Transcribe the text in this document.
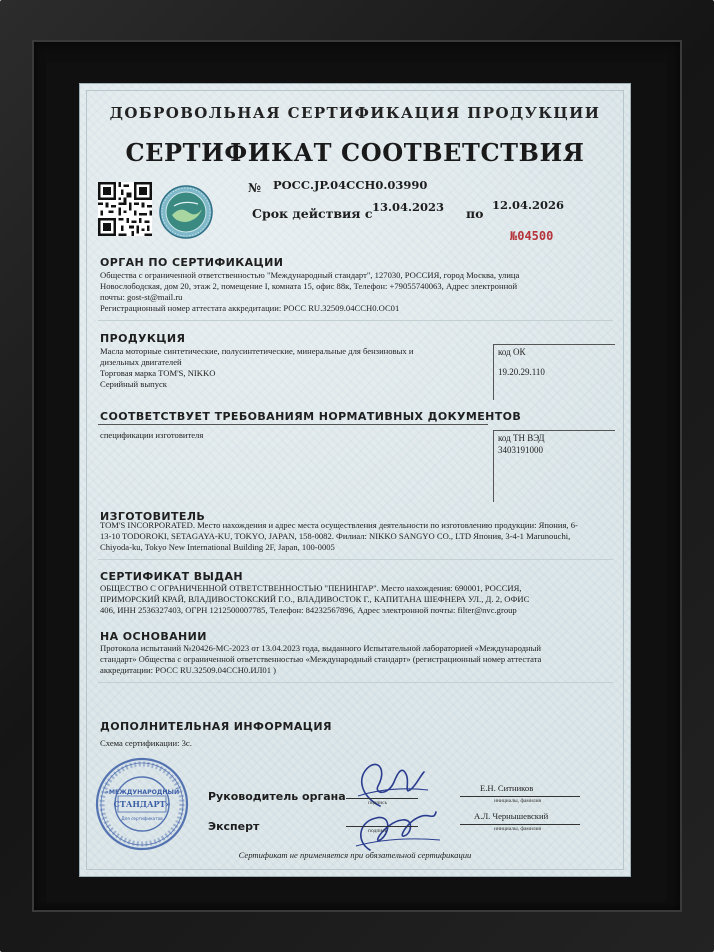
ДОБРОВОЛЬНАЯ СЕРТИФИКАЦИЯ ПРОДУКЦИИ
СЕРТИФИКАТ СООТВЕТСТВИЯ
№ РОСС.JP.04ССН0.03990
Срок действия с 13.04.2023 по
12.04.2026
№04500
ОРГАН ПО СЕРТИФИКАЦИИ
Общества с ограниченной ответственностью "Международный стандарт", 127030, РОССИЯ, город Москва, улица
Новослободская, дом 20, этаж 2, помещение I, комната 15, офис 88к, Телефон: +79055740063, Адрес электронной
почты: gost-st@mail.ru
Регистрационный номер аттестата аккредитации: РОСС RU.32509.04ССН0.ОС01
ПРОДУКЦИЯ
Масла моторные синтетические, полусинтетические, минеральные для бензиновых и
дизельных двигателей
Торговая марка TOM'S, NIKKO
Серийный выпуск
код ОК
19.20.29.110
СООТВЕТСТВУЕТ ТРЕБОВАНИЯМ НОРМАТИВНЫХ ДОКУМЕНТОВ
спецификации изготовителя	код ТН ВЭД
3403191000
ИЗГОТОВИТЕЛЬ
TOM'S INCORPORATED. Место нахождения и адрес места осуществления деятельности по изготовлению продукции: Япония, 6-
13-10 TODOROKI, SETAGAYA-KU, TOKYO, JAPAN, 158-0082. Филиал: NIKKO SANGYO CO., LTD Япония, 3-4-1 Marunouchi,
Chiyoda-ku, Tokyo New International Building 2F, Japan, 100-0005
СЕРТИФИКАТ ВЫДАН
ОБЩЕСТВО С ОГРАНИЧЕННОЙ ОТВЕТСТВЕННОСТЬЮ "ПЕНИНГАР". Место нахождения: 690001, РОССИЯ,
ПРИМОРСКИЙ КРАЙ, ВЛАДИВОСТОКСКИЙ Г.О., ВЛАДИВОСТОК Г., КАПИТАНА ШЕФНЕРА УЛ., Д. 2, ОФИС
406, ИНН 2536327403, ОГРН 1212500007785, Телефон: 84232567896, Адрес электронной почты: filter@nvc.group
НА ОСНОВАНИИ
Протокола испытаний №20426-МС-2023 от 13.04.2023 года, выданного Испытательной лабораторией «Международный
стандарт» Общества с ограниченной ответственностью «Международный стандарт» (регистрационный номер аттестата
аккредитации: РОСС RU.32509.04ССН0.ИЛ01 )
ДОПОЛНИТЕЛЬНАЯ ИНФОРМАЦИЯ
Схема сертификации: 3с.
«МЕЖДУНАРОДНЫЙ
СТАНДАРТ»
Для сертификатов
Руководитель органа
Эксперт
подпись
подпись
Е.Н. Ситников
инициалы, фамилия
А.Л. Чернышевский
инициалы, фамилия
Сертификат не применяется при обязательной сертификации
